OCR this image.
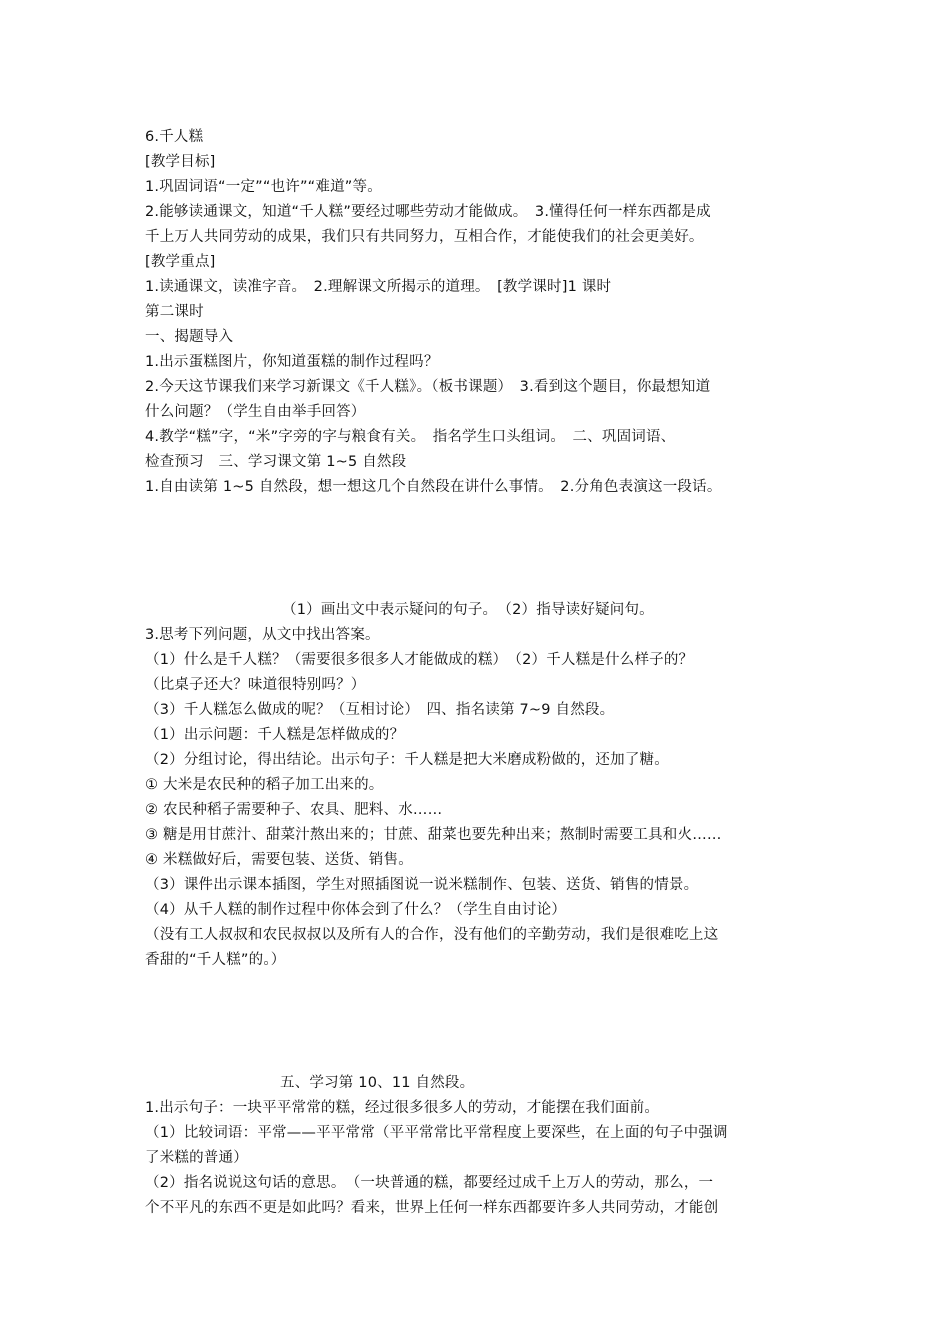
6.千人糕
[教学目标]
1.巩固词语“一定”“也许”“难道”等。
2.能够读通课文，知道“千人糕”要经过哪些劳动才能做成。　3.懂得任何一样东西都是成
千上万人共同劳动的成果，我们只有共同努力，互相合作，才能使我们的社会更美好。
[教学重点]
1.读通课文，读准字音。　2.理解课文所揭示的道理。　[教学课时]1 课时
第二课时
一、揭题导入
1.出示蛋糕图片，你知道蛋糕的制作过程吗？
2.今天这节课我们来学习新课文《千人糕》。（板书课题）　3.看到这个题目，你最想知道
什么问题？（学生自由举手回答）
4.教学“糕”字，“米”字旁的字与粮食有关。　指名学生口头组词。　二、巩固词语、
检查预习　三、学习课文第 1~5 自然段
1.自由读第 1~5 自然段，想一想这几个自然段在讲什么事情。　2.分角色表演这一段话。
（1）画出文中表示疑问的句子。　（2）指导读好疑问句。
3.思考下列问题，从文中找出答案。
（1）什么是千人糕？（需要很多很多人才能做成的糕）　（2）千人糕是什么样子的？
（比桌子还大？味道很特别吗？）
（3）千人糕怎么做成的呢？（互相讨论）　四、指名读第 7~9 自然段。
（1）出示问题：千人糕是怎样做成的？
（2）分组讨论，得出结论。出示句子：千人糕是把大米磨成粉做的，还加了糖。
① 大米是农民种的稻子加工出来的。
② 农民种稻子需要种子、农具、肥料、水……
③ 糖是用甘蔗汁、甜菜汁熬出来的；甘蔗、甜菜也要先种出来；熬制时需要工具和火……
④ 米糕做好后，需要包装、送货、销售。
（3）课件出示课本插图，学生对照插图说一说米糕制作、包装、送货、销售的情景。
（4）从千人糕的制作过程中你体会到了什么？（学生自由讨论）
（没有工人叔叔和农民叔叔以及所有人的合作，没有他们的辛勤劳动，我们是很难吃上这
香甜的“千人糕”的。）
五、学习第 10、11 自然段。
1.出示句子：一块平平常常的糕，经过很多很多人的劳动，才能摆在我们面前。
（1）比较词语：平常——平平常常（平平常常比平常程度上要深些，在上面的句子中强调
了米糕的普通）
（2）指名说说这句话的意思。　（一块普通的糕，都要经过成千上万人的劳动，那么，一
个不平凡的东西不更是如此吗？看来，世界上任何一样东西都要许多人共同劳动，才能创
